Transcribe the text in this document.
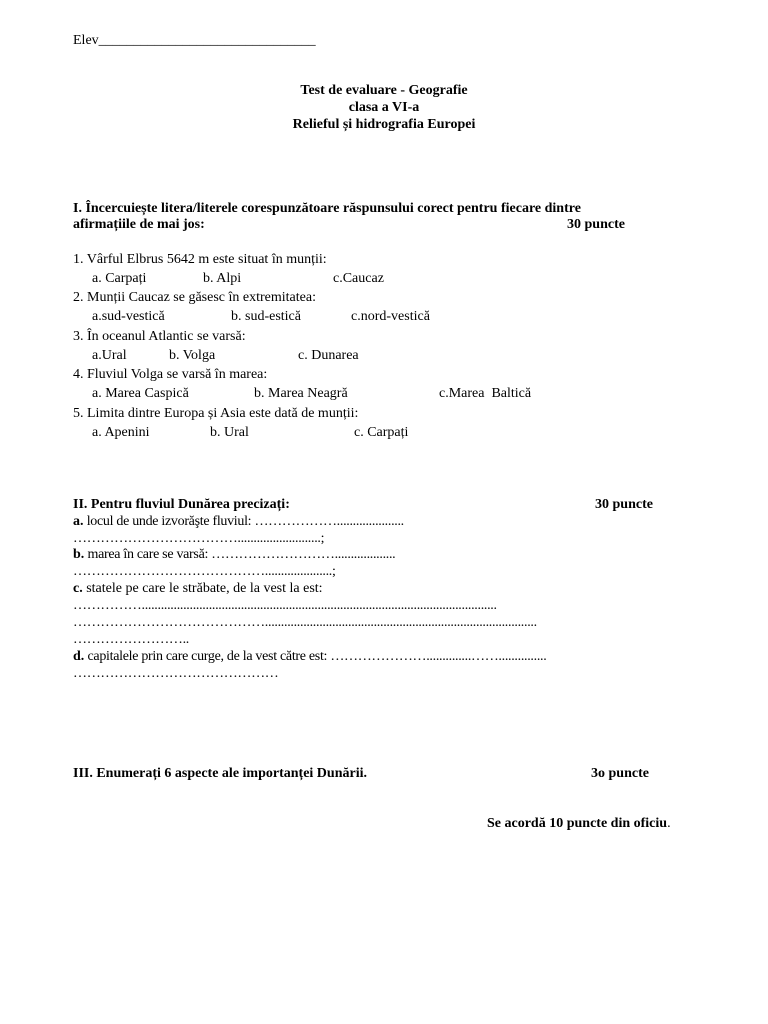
Elev_______________________________
Test de evaluare - Geografie
clasa a VI-a
Relieful și hidrografia Europei
I. Încercuiește litera/literele corespunzătoare răspunsului corect pentru fiecare dintre
afirmațiile de mai jos:	30 puncte
1. Vârful Elbrus 5642 m este situat în munții:
a. Carpați	b. Alpi	c.Caucaz
2. Munții Caucaz se găsesc în extremitatea:
a.sud-vestică	b. sud-estică	c.nord-vestică
3. În oceanul Atlantic se varsă:
a.Ural	b. Volga	c. Dunarea
4. Fluviul Volga se varsă în marea:
a. Marea Caspică	b. Marea Neagră	c.Marea  Baltică
5. Limita dintre Europa și Asia este dată de munții:
a. Apenini	b. Ural	c. Carpați
II. Pentru fluviul Dunărea precizați:	30 puncte
a. locul de unde izvorăşte fluviul: ……………….....................
………………………………..........................;
b. marea în care se varsă: ………………………...................
…………………………………….....................;
c. statele pe care le străbate, de la vest la est:
……………...............................................................................................................
…………………………………….....................................................................................
……………………..
d. capitalele prin care curge, de la vest către est: …………………..............……...............
………………………………………
III. Enumerați 6 aspecte ale importanței Dunării.	3o puncte
Se acordă 10 puncte din oficiu.
